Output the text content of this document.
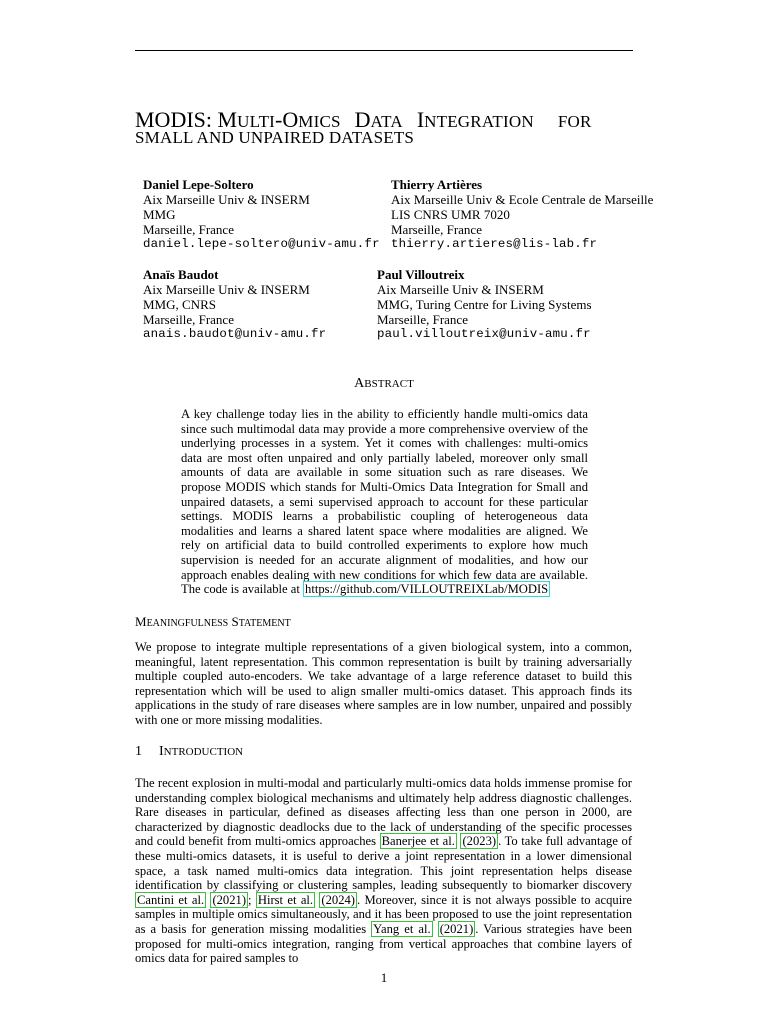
MODIS: MULTI-OMICS DATA INTEGRATION FOR
SMALL AND UNPAIRED DATASETS
Daniel Lepe-Soltero
Aix Marseille Univ & INSERM
MMG
Marseille, France
daniel.lepe-soltero@univ-amu.fr
Thierry Artières
Aix Marseille Univ & Ecole Centrale de Marseille
LIS CNRS UMR 7020
Marseille, France
thierry.artieres@lis-lab.fr
Anaïs Baudot
Aix Marseille Univ & INSERM
MMG, CNRS
Marseille, France
anais.baudot@univ-amu.fr
Paul Villoutreix
Aix Marseille Univ & INSERM
MMG, Turing Centre for Living Systems
Marseille, France
paul.villoutreix@univ-amu.fr
ABSTRACT
A key challenge today lies in the ability to efficiently handle multi-omics data since such multimodal data may provide a more comprehensive overview of the underlying processes in a system. Yet it comes with challenges: multi-omics data are most often unpaired and only partially labeled, moreover only small amounts of data are available in some situation such as rare diseases. We propose MODIS which stands for Multi-Omics Data Integration for Small and unpaired datasets, a semi supervised approach to account for these particular settings. MODIS learns a probabilistic coupling of heterogeneous data modalities and learns a shared latent space where modalities are aligned. We rely on artificial data to build controlled experiments to explore how much supervision is needed for an accurate alignment of modalities, and how our approach enables dealing with new conditions for which few data are available. The code is available at https://github.com/VILLOUTREIXLab/MODIS
MEANINGFULNESS STATEMENT
We propose to integrate multiple representations of a given biological system, into a common, meaningful, latent representation. This common representation is built by training adversarially multiple coupled auto-encoders. We take advantage of a large reference dataset to build this representation which will be used to align smaller multi-omics dataset. This approach finds its applications in the study of rare diseases where samples are in low number, unpaired and possibly with one or more missing modalities.
1 INTRODUCTION
The recent explosion in multi-modal and particularly multi-omics data holds immense promise for understanding complex biological mechanisms and ultimately help address diagnostic challenges. Rare diseases in particular, defined as diseases affecting less than one person in 2000, are characterized by diagnostic deadlocks due to the lack of understanding of the specific processes and could benefit from multi-omics approaches Banerjee et al. (2023) . To take full advantage of these multi-omics datasets, it is useful to derive a joint representation in a lower dimensional space, a task named multi-omics data integration. This joint representation helps disease identification by classifying or clustering samples, leading subsequently to biomarker discovery Cantini et al. (2021) ; Hirst et al. (2024) . Moreover, since it is not always possible to acquire samples in multiple omics simultaneously, and it has been proposed to use the joint representation as a basis for generation missing modalities Yang et al. (2021) . Various strategies have been proposed for multi-omics integration, ranging from vertical approaches that combine layers of omics data for paired samples to
1
